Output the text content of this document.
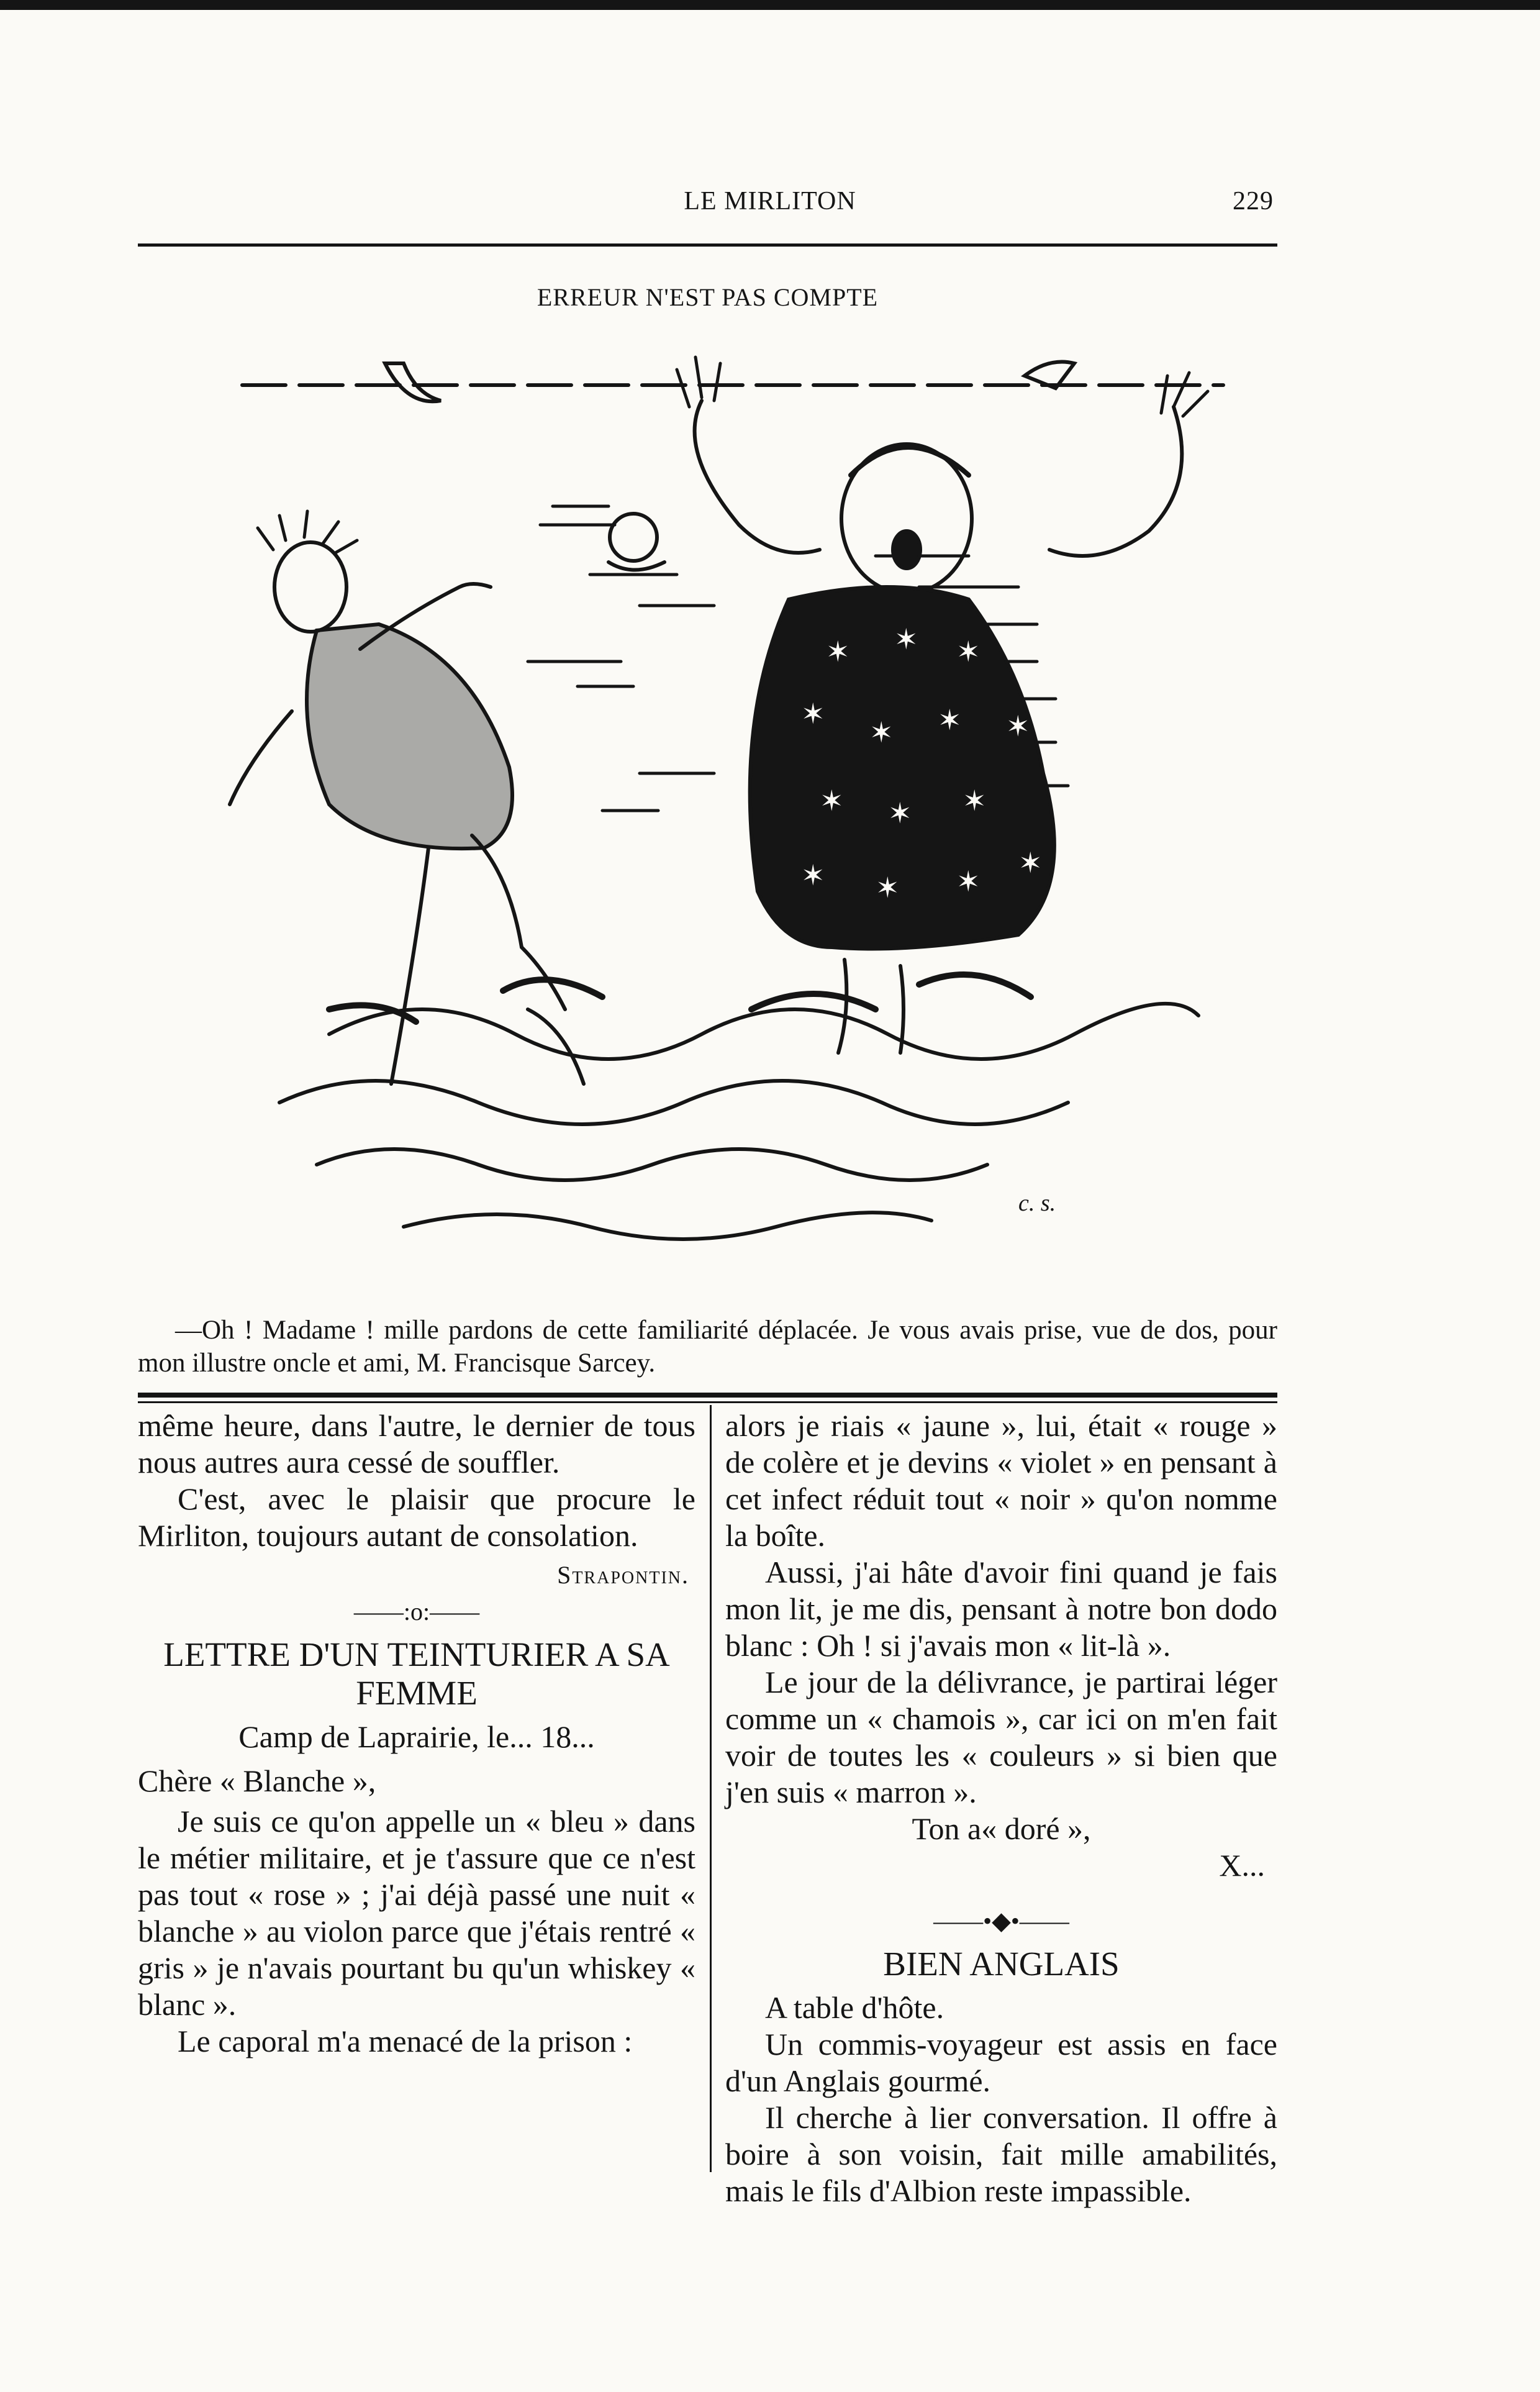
LE MIRLITON	229
ERREUR N'EST PAS COMPTE
✶ ✶ ✶
✶
✶ ✶ ✶
✶ ✶ ✶
✶ ✶ ✶
✶
c. s.
—Oh ! Madame ! mille pardons de cette familiarité déplacée. Je vous avais prise, vue de dos, pour mon illustre oncle et ami, M. Francisque Sarcey.

même heure, dans l'autre, le dernier de tous nous autres aura cessé de souffler.

C'est, avec le plaisir que procure le Mirliton, toujours autant de consolation.

Strapontin.

——:o:——
LETTRE D'UN TEINTURIER A SA FEMME

Camp de Laprairie, le... 18...

Chère « Blanche »,

Je suis ce qu'on appelle un « bleu » dans le métier militaire, et je t'assure que ce n'est pas tout « rose » ; j'ai déjà passé une nuit « blanche » au violon parce que j'étais rentré « gris » je n'avais pourtant bu qu'un whiskey « blanc ».

Le caporal m'a menacé de la prison :

alors je riais « jaune », lui, était « rouge » de colère et je devins « violet » en pensant à cet infect réduit tout « noir » qu'on nomme la boîte.

Aussi, j'ai hâte d'avoir fini quand je fais mon lit, je me dis, pensant à notre bon dodo blanc : Oh ! si j'avais mon « lit-là ».

Le jour de la délivrance, je partirai léger comme un « chamois », car ici on m'en fait voir de toutes les « couleurs » si bien que j'en suis « marron ».

Ton a« doré »,

X...

——•◆•——
BIEN ANGLAIS

A table d'hôte.

Un commis-voyageur est assis en face d'un Anglais gourmé.

Il cherche à lier conversation. Il offre à boire à son voisin, fait mille amabilités, mais le fils d'Albion reste impassible.
